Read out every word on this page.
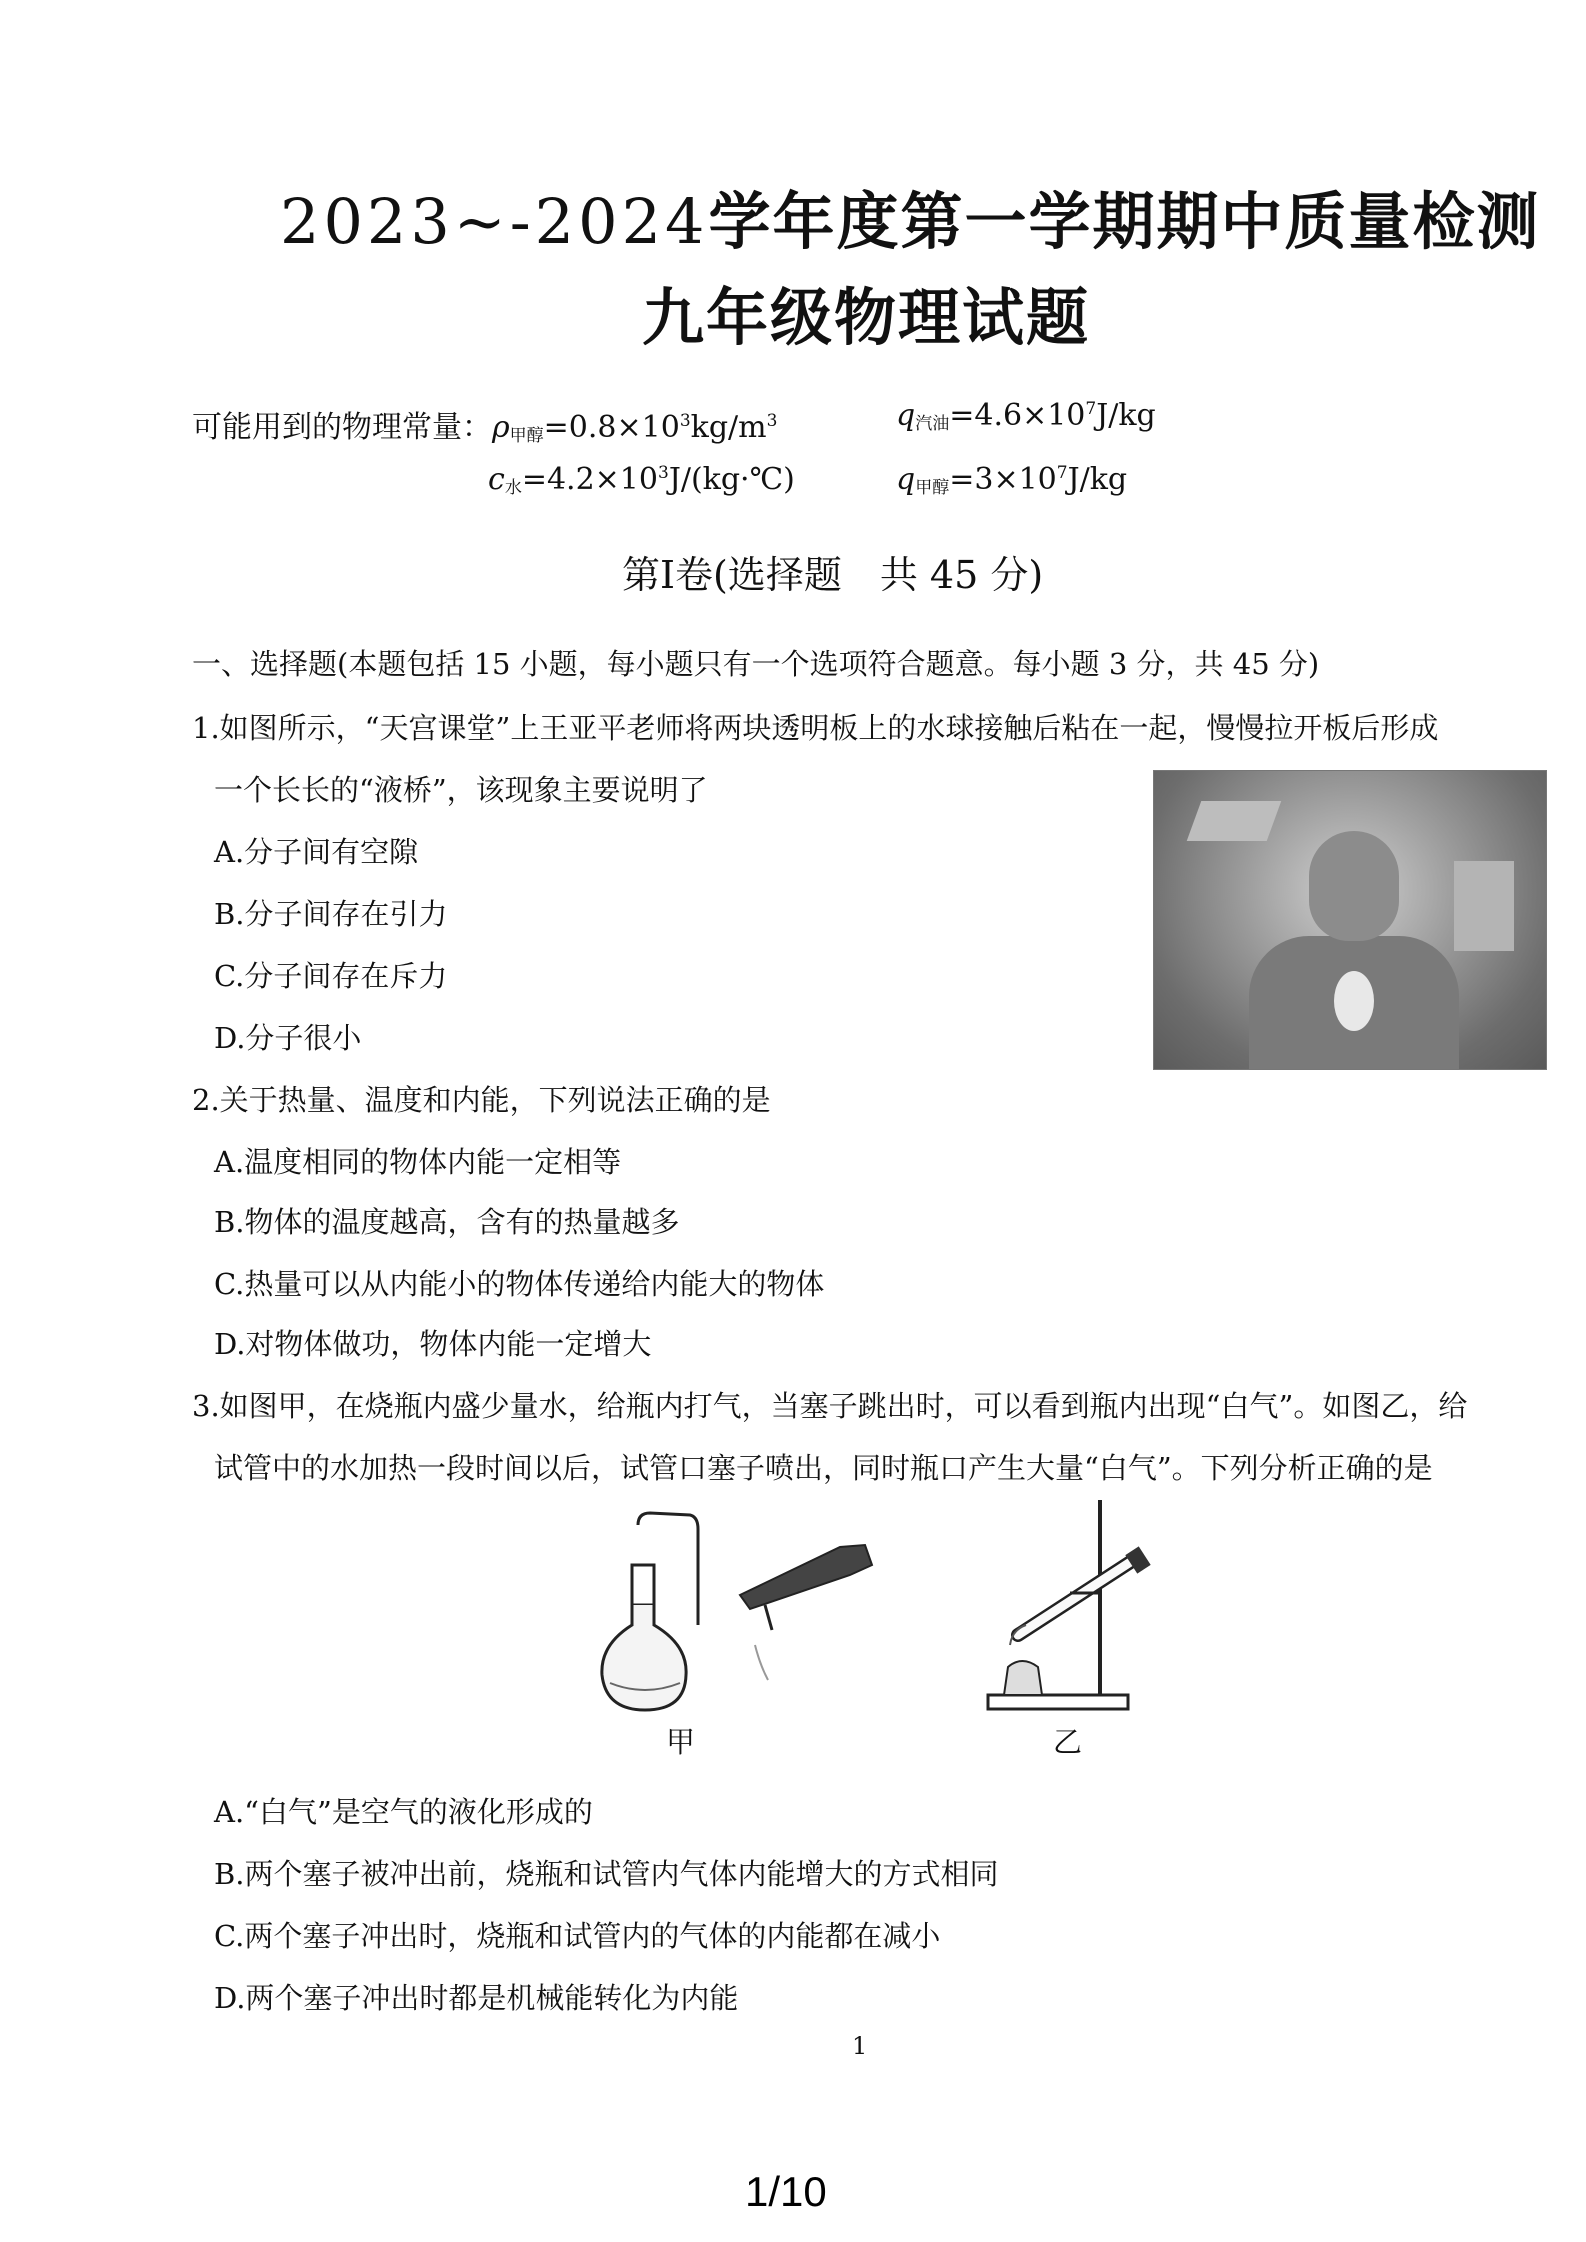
2023~-2024学年度第一学期期中质量检测
九年级物理试题
可能用到的物理常量：$\rho_{甲醇}=0.8\times 10^3kg/m^3$	$q_{汽油}=4.6\times 10^7J/kg$
$c_水=4.2\times 10^3J/(kg\cdot℃)$	$q_{甲醇}=3\times 10^7J/kg$
第Ⅰ卷(选择题　共 45 分)
一、选择题(本题包括 15 小题，每小题只有一个选项符合题意。每小题 3 分，共 45 分)
1.如图所示，“天宫课堂”上王亚平老师将两块透明板上的水球接触后粘在一起，慢慢拉开板后形成
一个长长的“液桥”，该现象主要说明了
A.分子间有空隙
B.分子间存在引力
C.分子间存在斥力
D.分子很小
2.关于热量、温度和内能，下列说法正确的是
A.温度相同的物体内能一定相等
B.物体的温度越高，含有的热量越多
C.热量可以从内能小的物体传递给内能大的物体
D.对物体做功，物体内能一定增大
3.如图甲，在烧瓶内盛少量水，给瓶内打气，当塞子跳出时，可以看到瓶内出现“白气”。如图乙，给
试管中的水加热一段时间以后，试管口塞子喷出，同时瓶口产生大量“白气”。下列分析正确的是
甲	乙
A.“白气”是空气的液化形成的
B.两个塞子被冲出前，烧瓶和试管内气体内能增大的方式相同
C.两个塞子冲出时，烧瓶和试管内的气体的内能都在减小
D.两个塞子冲出时都是机械能转化为内能
1
1/10
